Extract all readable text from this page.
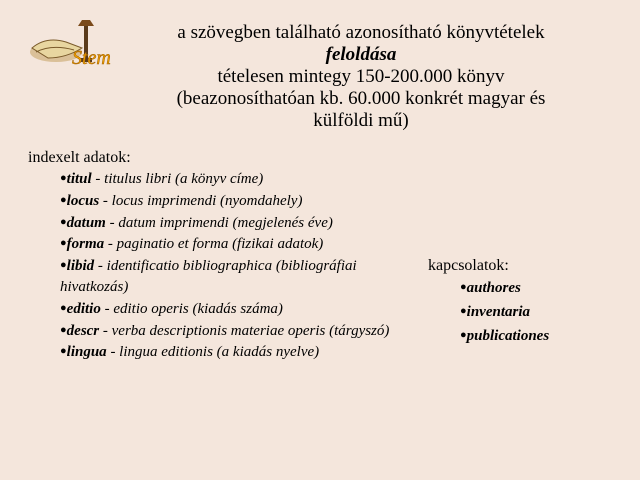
Stem
a szövegben található azonosítható könyvtételek
feloldása
tételesen mintegy 150-200.000 könyv
(beazonosíthatóan kb. 60.000 konkrét magyar és
külföldi mű)
indexelt adatok:
●titul - titulus libri (a könyv címe)
●locus - locus imprimendi (nyomdahely)
●datum - datum imprimendi (megjelenés éve)
●forma - paginatio et forma (fizikai adatok)
●libid - identificatio bibliographica (bibliográfiai hivatkozás)
●editio - editio operis (kiadás száma)
●descr - verba descriptionis materiae operis (tárgyszó)
●lingua - lingua editionis (a kiadás nyelve)
kapcsolatok:
●authores
●inventaria
●publicationes
